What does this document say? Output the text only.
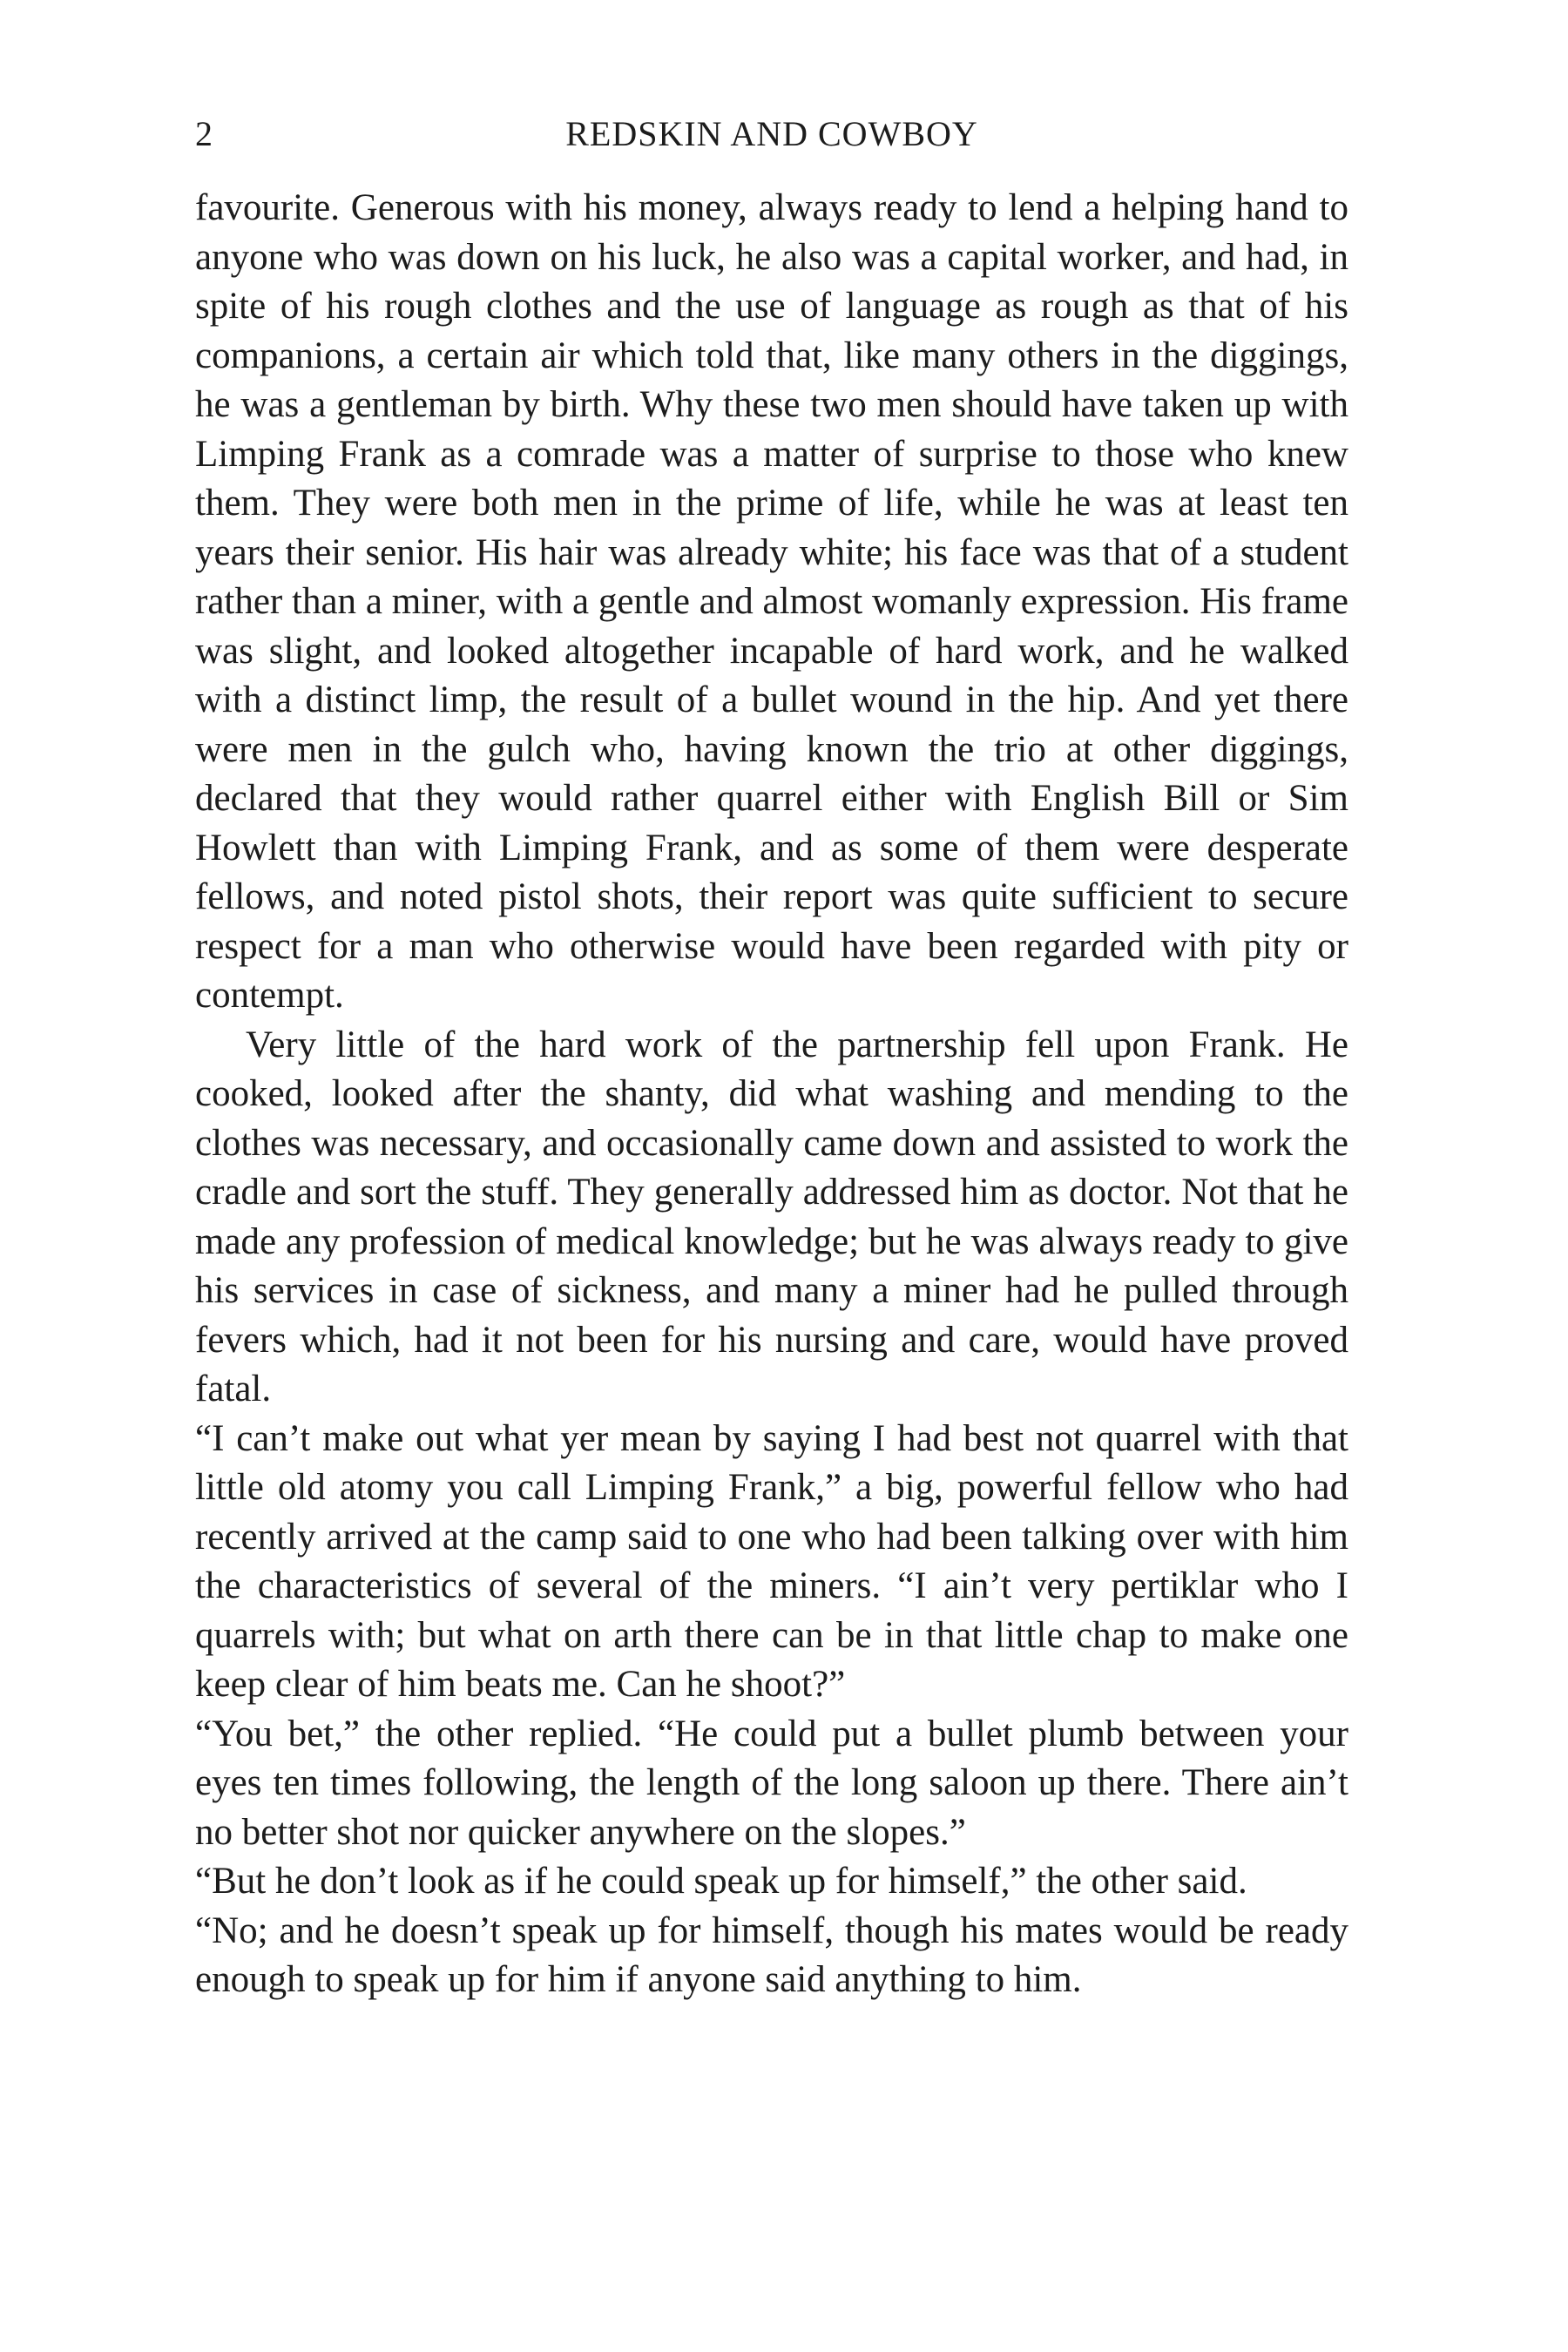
2	REDSKIN AND COWBOY

favourite. Generous with his money, always ready to lend a helping hand to anyone who was down on his luck, he also was a capital worker, and had, in spite of his rough clothes and the use of language as rough as that of his companions, a certain air which told that, like many others in the diggings, he was a gentleman by birth. Why these two men should have taken up with Limping Frank as a comrade was a matter of surprise to those who knew them. They were both men in the prime of life, while he was at least ten years their senior. His hair was already white; his face was that of a student rather than a miner, with a gentle and almost womanly expression. His frame was slight, and looked altogether incapable of hard work, and he walked with a distinct limp, the result of a bullet wound in the hip. And yet there were men in the gulch who, having known the trio at other diggings, declared that they would rather quarrel either with English Bill or Sim Howlett than with Limping Frank, and as some of them were desperate fellows, and noted pistol shots, their report was quite sufficient to secure respect for a man who otherwise would have been regarded with pity or contempt.

Very little of the hard work of the partnership fell upon Frank. He cooked, looked after the shanty, did what washing and mending to the clothes was necessary, and occasionally came down and assisted to work the cradle and sort the stuff. They generally addressed him as doctor. Not that he made any profession of medical knowledge; but he was always ready to give his services in case of sickness, and many a miner had he pulled through fevers which, had it not been for his nursing and care, would have proved fatal.

“I can’t make out what yer mean by saying I had best not quarrel with that little old atomy you call Limping Frank,” a big, powerful fellow who had recently arrived at the camp said to one who had been talking over with him the characteristics of several of the miners. “I ain’t very pertiklar who I quarrels with; but what on arth there can be in that little chap to make one keep clear of him beats me. Can he shoot?”

“You bet,” the other replied. “He could put a bullet plumb between your eyes ten times following, the length of the long saloon up there. There ain’t no better shot nor quicker anywhere on the slopes.”

“But he don’t look as if he could speak up for himself,” the other said.

“No; and he doesn’t speak up for himself, though his mates would be ready enough to speak up for him if anyone said anything to him.
